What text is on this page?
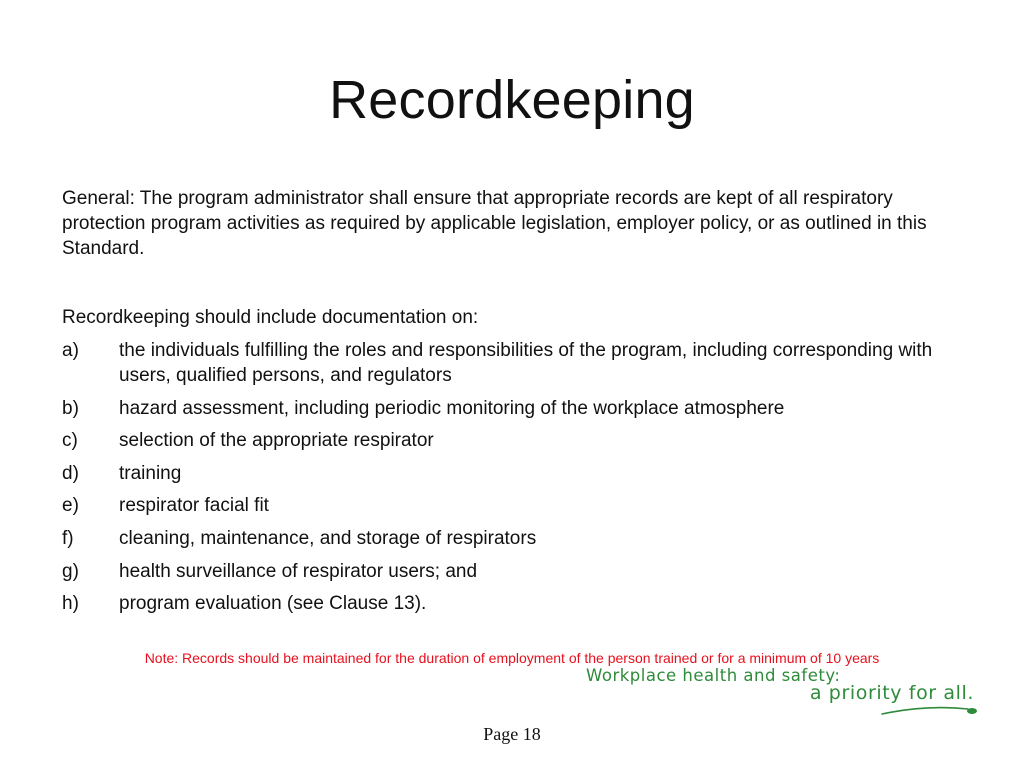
Recordkeeping
General: The program administrator shall ensure that appropriate records are kept of all respiratory protection program activities as required by applicable legislation, employer policy, or as outlined in this Standard.
Recordkeeping should include documentation on:
a)	the individuals fulfilling the roles and responsibilities of the program, including corresponding with users, qualified persons, and regulators
b)	hazard assessment, including periodic monitoring of the workplace atmosphere
c)	selection of the appropriate respirator
d)	training
e)	respirator facial fit
f)	cleaning, maintenance, and storage of respirators
g)	health surveillance of respirator users; and
h)	program evaluation (see Clause 13).
Note: Records should be maintained for the duration of employment of the person trained or for a minimum of 10 years
Workplace health and safety:
a priority for all.
Page 18
